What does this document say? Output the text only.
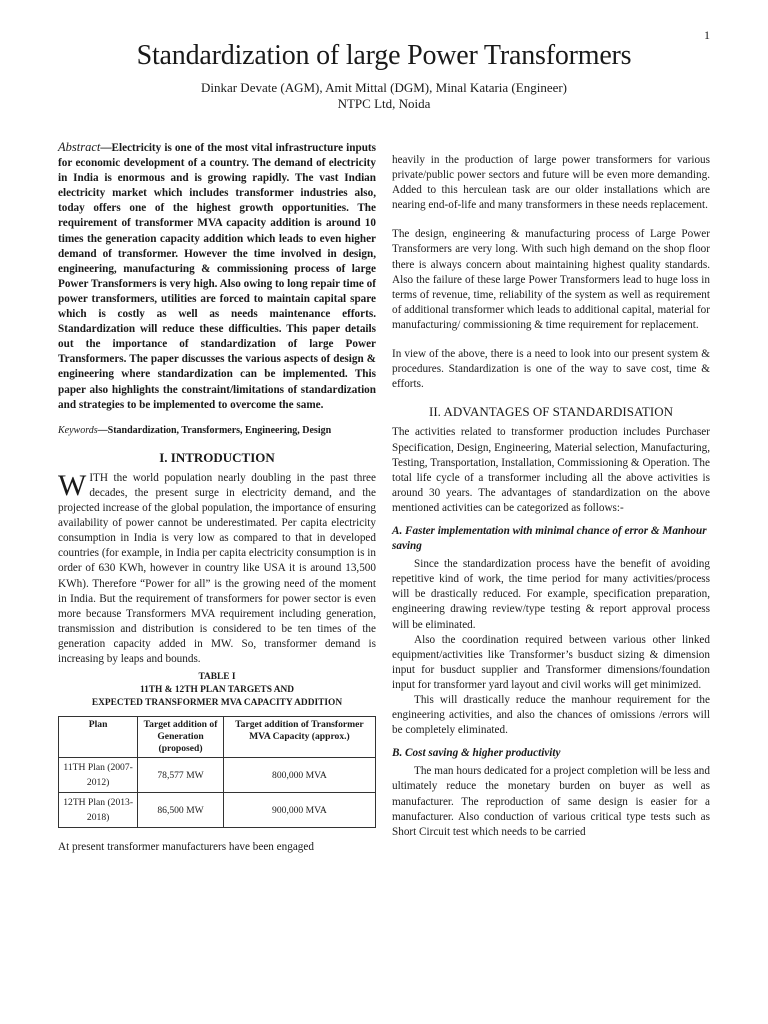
1
Standardization of large Power Transformers
Dinkar Devate (AGM), Amit Mittal (DGM), Minal Kataria (Engineer)
NTPC Ltd, Noida

Abstract—Electricity is one of the most vital infrastructure inputs for economic development of a country. The demand of electricity in India is enormous and is growing rapidly. The vast Indian electricity market which includes transformer industries also, today offers one of the highest growth opportunities. The requirement of transformer MVA capacity addition is around 10 times the generation capacity addition which leads to even higher demand of transformer. However the time involved in design, engineering, manufacturing & commissioning process of large Power Transformers is very high. Also owing to long repair time of power transformers, utilities are forced to maintain capital spare which is costly as well as needs maintenance efforts. Standardization will reduce these difficulties. This paper details out the importance of standardization of large Power Transformers. The paper discusses the various aspects of design & engineering where standardization can be implemented. This paper also highlights the constraint/limitations of standardization and strategies to be implemented to overcome the same.

Keywords—Standardization, Transformers, Engineering, Design

I. INTRODUCTION

WITH the world population nearly doubling in the past three decades, the present surge in electricity demand, and the projected increase of the global population, the importance of ensuring availability of power cannot be underestimated. Per capita electricity consumption in India is very low as compared to that in developed countries (for example, in India per capita electricity consumption is in order of 630 KWh, however in country like USA it is around 13,500 KWh). Therefore “Power for all” is the growing need of the moment in India. But the requirement of transformers for power sector is even more because Transformers MVA requirement including generation, transmission and distribution is considered to be ten times of the generation capacity added in MW. So, transformer demand is increasing by leaps and bounds.

TABLE I
11TH & 12TH PLAN TARGETS AND
EXPECTED TRANSFORMER MVA CAPACITY ADDITION
Plan	Target addition of Generation (proposed)	Target addition of Transformer MVA Capacity (approx.)
11TH Plan (2007-2012)	78,577 MW	800,000 MVA
12TH Plan (2013-2018)	86,500 MW	900,000 MVA

At present transformer manufacturers have been engaged

heavily in the production of large power transformers for various private/public power sectors and future will be even more demanding. Added to this herculean task are our older installations which are nearing end-of-life and many transformers in these needs replacement.

The design, engineering & manufacturing process of Large Power Transformers are very long. With such high demand on the shop floor there is always concern about maintaining highest quality standards. Also the failure of these large Power Transformers lead to huge loss in terms of revenue, time, reliability of the system as well as requirement of additional transformer which leads to additional capital, material for manufacturing/ commissioning & time requirement for replacement.

In view of the above, there is a need to look into our present system & procedures. Standardization is one of the way to save cost, time & efforts.

II. ADVANTAGES OF STANDARDISATION

The activities related to transformer production includes Purchaser Specification, Design, Engineering, Material selection, Manufacturing, Testing, Transportation, Installation, Commissioning & Operation. The total life cycle of a transformer including all the above activities is around 30 years. The advantages of standardization on the above mentioned activities can be categorized as follows:-

A. Faster implementation with minimal chance of error & Manhour saving

Since the standardization process have the benefit of avoiding repetitive kind of work, the time period for many activities/process will be drastically reduced. For example, specification preparation, engineering drawing review/type testing & report approval process will be eliminated.

Also the coordination required between various other linked equipment/activities like Transformer’s busduct sizing & dimension input for busduct supplier and Transformer dimensions/foundation input for transformer yard layout and civil works will get minimized.

This will drastically reduce the manhour requirement for the engineering activities, and also the chances of omissions /errors will be completely eliminated.

B. Cost saving & higher productivity

The man hours dedicated for a project completion will be less and ultimately reduce the monetary burden on buyer as well as manufacturer. The reproduction of same design is easier for a manufacturer. Also conduction of various critical type tests such as Short Circuit test which needs to be carried
